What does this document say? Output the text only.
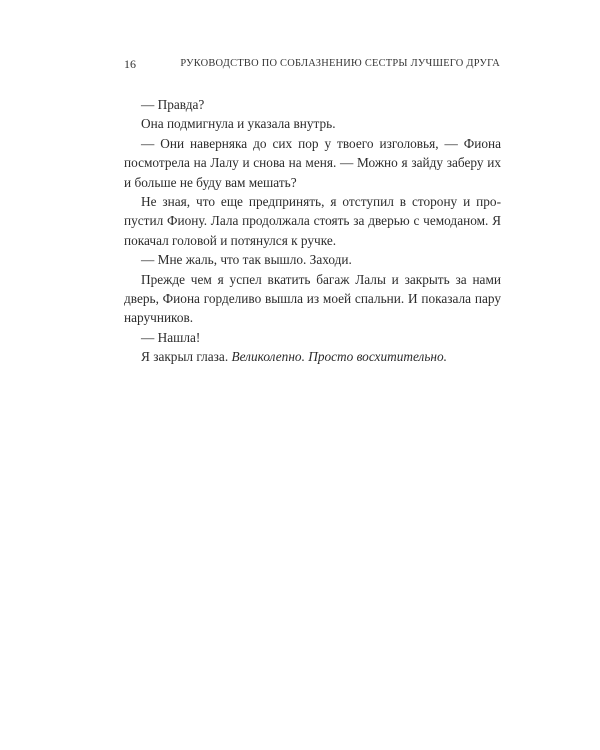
16	РУКОВОДСТВО ПО СОБЛАЗНЕНИЮ СЕСТРЫ ЛУЧШЕГО ДРУГА

— Правда?

Она подмигнула и указала внутрь.

— Они наверняка до сих пор у твоего изголовья, — Фиона посмотрела на Лалу и снова на меня. — Можно я зайду заберу их и больше не буду вам мешать?

Не зная, что еще предпринять, я отступил в сторону и пропустил Фиону. Лала продолжала стоять за дверью с чемоданом. Я покачал головой и потянулся к ручке.

— Мне жаль, что так вышло. Заходи.

Прежде чем я успел вкатить багаж Лалы и закрыть за нами дверь, Фиона горделиво вышла из моей спальни. И показала пару наручников.

— Нашла!

Я закрыл глаза. Великолепно. Просто восхитительно.
